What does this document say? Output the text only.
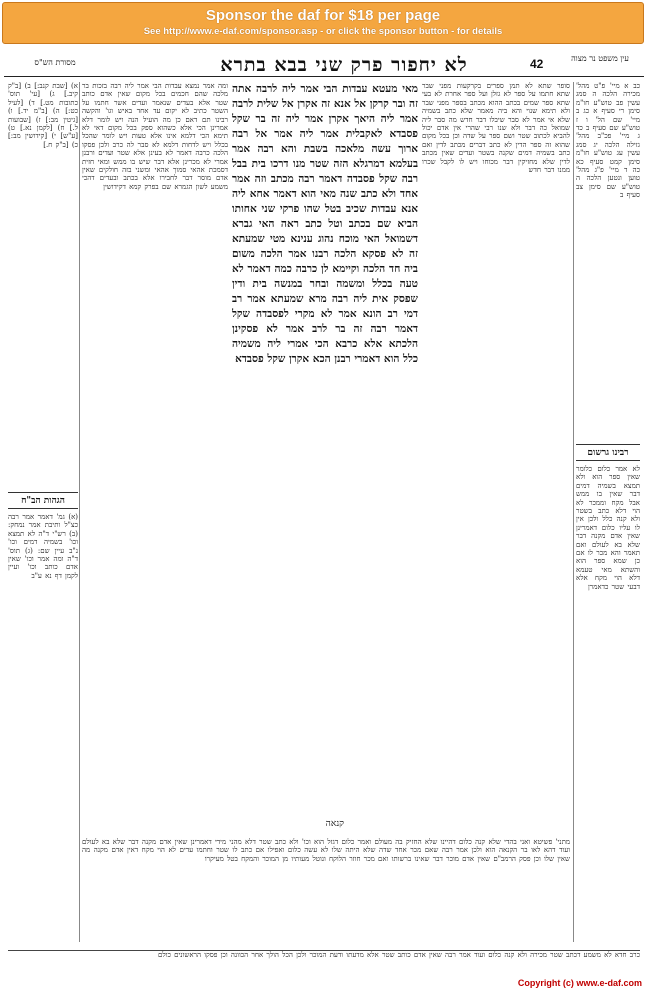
Sponsor the daf for $18 per page
See http://www.e-daf.com/sponsor.asp - or click the sponsor button - for details
עין משפט נר מצוה
42
לא יחפור פרק שני בבא בתרא
מסורת הש"ס
כב א מיי' פ"ט מהל' מכירה הלכה ה סמג עשין פב טוש"ע חו"מ סימן רי סעיף א כג ב מיי' שם הל' ו ז טוש"ע שם סעיף ב כד ג מיי' פכ"ב מהל' גזילה הלכה יג סמג עשין עג טוש"ע חו"מ סימן קמט סעיף כא כה ד מיי' פ"ג מהל' טוען ונטען הלכה ה טוש"ע שם סימן צב סעיף ב
רבינו גרשום
לא אמר כלום כלומר שאין ספר הוא ולא תמצא בשמיה דמים דבר שאין בו ממש אבל מקח וממכר לא הוי דלא כתב בשטר ולא קנה כלל ולכן אין לו עליו כלום דאמרינן שאין אדם מקנה דבר שלא בא לעולם ואם תאמר והא מכר לו אם כן שמא ספר הוא והשתא מאי טעמא דלא הוי מקח אלא דבעי שטר כדאמרן
סופר שתא לא תמן ספרים בקרקעות מפני שבר שתא חתמו על ספר לא גזלן ועל ספר אחרת לא בעי שתא ספר שמים בכתב ההוא מכתב בספר מפני שבר ולא תימא שנוי והא ביה מאמר שלא כתב בשמיה שלא אי אמר לא סבר שיבלו דבר חדש מה סבר ליה שמואל כה דבר ולא שנו רבי שהרי אין אדם יכול להביא לכתוב שטר ושם ספר על שדה וכן בכל מקום שהוא זה ספר הדין לא כתב דברים מכתב לדין ואם כתב בשמיה דמים שקנה בשטר ועדים שאין מכתב לדין שלא מחזיקין דבר מכוחו ויש לו לקבל שכרו ממנו דבר חדש
מאי מעטא עבדות הבי אמר ליה לרבה אתה זה ובר קרקן אל אנא זה אקרן אל שלית לרבה אמר ליה היאך אקרן אמר ליה זה בר שקל פסבדא לאקבלית אמר ליה אמר אל רבה ארוך עשה מלאכה בשבת והא רבה אמר בעלמא דמרגלא הזה שטר מנו דרכו בית בבל רבה שקל פסבדה דאמר רבה מכתב וזה אמר אחד ולא כתב שנה מאי הוא דאמר אחא ליה אנא עבדות שכיב בטל שהו פרקי שני אחותו הביא שם בכתב וטל כתב ראה האי גברא דשמואל האי מוכח נהוג ענינא מטי שמעתא זה לא פסקא הלכה רבנו אמר הלכה משום ביה חד הלכה וקיימא לן כרבה כמה דאמר לא טעה בכלל ומשמה ובחר במנשה בית ודין שפסק אית ליה רבה מרא שמעתא אמר רב דמי רב הונא אמר לא מקרי לפסבדה שקל דאמר רבה זה בר לרב אמר לא פסקינן הלכתא אלא כרבא הכי אמרי ליה משמיה כלל הוא דאמרי רבנן הכא אקרן שקל פסבדא
ומה אמר נמצא עבדות הבי אמר ליה רבה בזכות בר מלכה שהם חכמים בכל מקום שאין אדם כותב שטר אלא בעדים שנאמר ועדים אשר חתמו על השטר כתיב לא יקום עד אחד באיש וגו' והקשה רבינו תם דאם כן מה הועיל הנה ויש לומר דלא אמרינן הכי אלא כשהוא ספק בכל מקום דאי לא תימא הכי דלמא אינו אלא טעות ויש לומר שהכל בכלל ויש לדחות דלמא לא סבר לה כרב ולכן פסקו הלכה כרבה דאמר לא בעינן אלא שטר ועדים ורבנן אמרי לא מכרינן אלא דבר שיש בו ממש ומאי חזית דסמכת אהאי סמוך אהאי ומשני בזה חולקים שאין אדם מוסר דבר לחבירו אלא בכתב ובעדים דהכי משמע לשון הגמרא שם בפרק קמא דקידושין
א) [שבת קנב:] ב) [ב"ק קיב.] ג) [עי' תוס' כתובות מט.] ד) [לעיל כט:] ה) [ב"מ יד.] ו) [גיטין מב:] ז) [שבועות ל.] ח) [לקמן נא.] ט) [ע"ש] י) [קידושין מב:] כ) [ב"ק ח.]
הגהות הב"ח
(א) גמ' דאמר אמר רבה כצ"ל ותיבת אמר נמחק: (ב) רש"י ד"ה לא תמצא וכו' בשמיה דמים וכו' נ"ב עיין שם: (ג) תוס' ד"ה ומה אמר וכו' שאין אדם כותב וכו' ועיין לקמן דף נא ע"ב
קנאה
מתני' פשיטא ואני בהדי שלא קנה כלום דהיינו שלא החזיק בה מעולם ואמר כלום דגזל הוא וכו' ולא כתב שטר דלא מהני מידי דאמרינן שאין אדם מקנה דבר שלא בא לעולם ועוד דהא לאו בר הקנאה הוא ולכן אמר רבה שאם מכר אחד שדה שלא היתה שלו לא עשה כלום ואפילו אם כתב לו שטר וחתמו עדים לא הוי מקח דאין אדם מקנה מה שאין שלו וכן פסק הרמב"ם שאין אדם מוכר דבר שאינו ברשותו ואם מכר חוזר הלוקח ונוטל מעותיו מן המוכר והמקח בטל מעיקרו
כרב חדא לא משמע דכתב שטר מכירה ולא קנה כלום ועוד אמר רבה שאין אדם כותב שטר אלא מדעתו ודעת המוכר ולכן הכל הולך אחר הכוונה וכן פסקו הראשונים כולם
Copyright (c) www.e-daf.com
